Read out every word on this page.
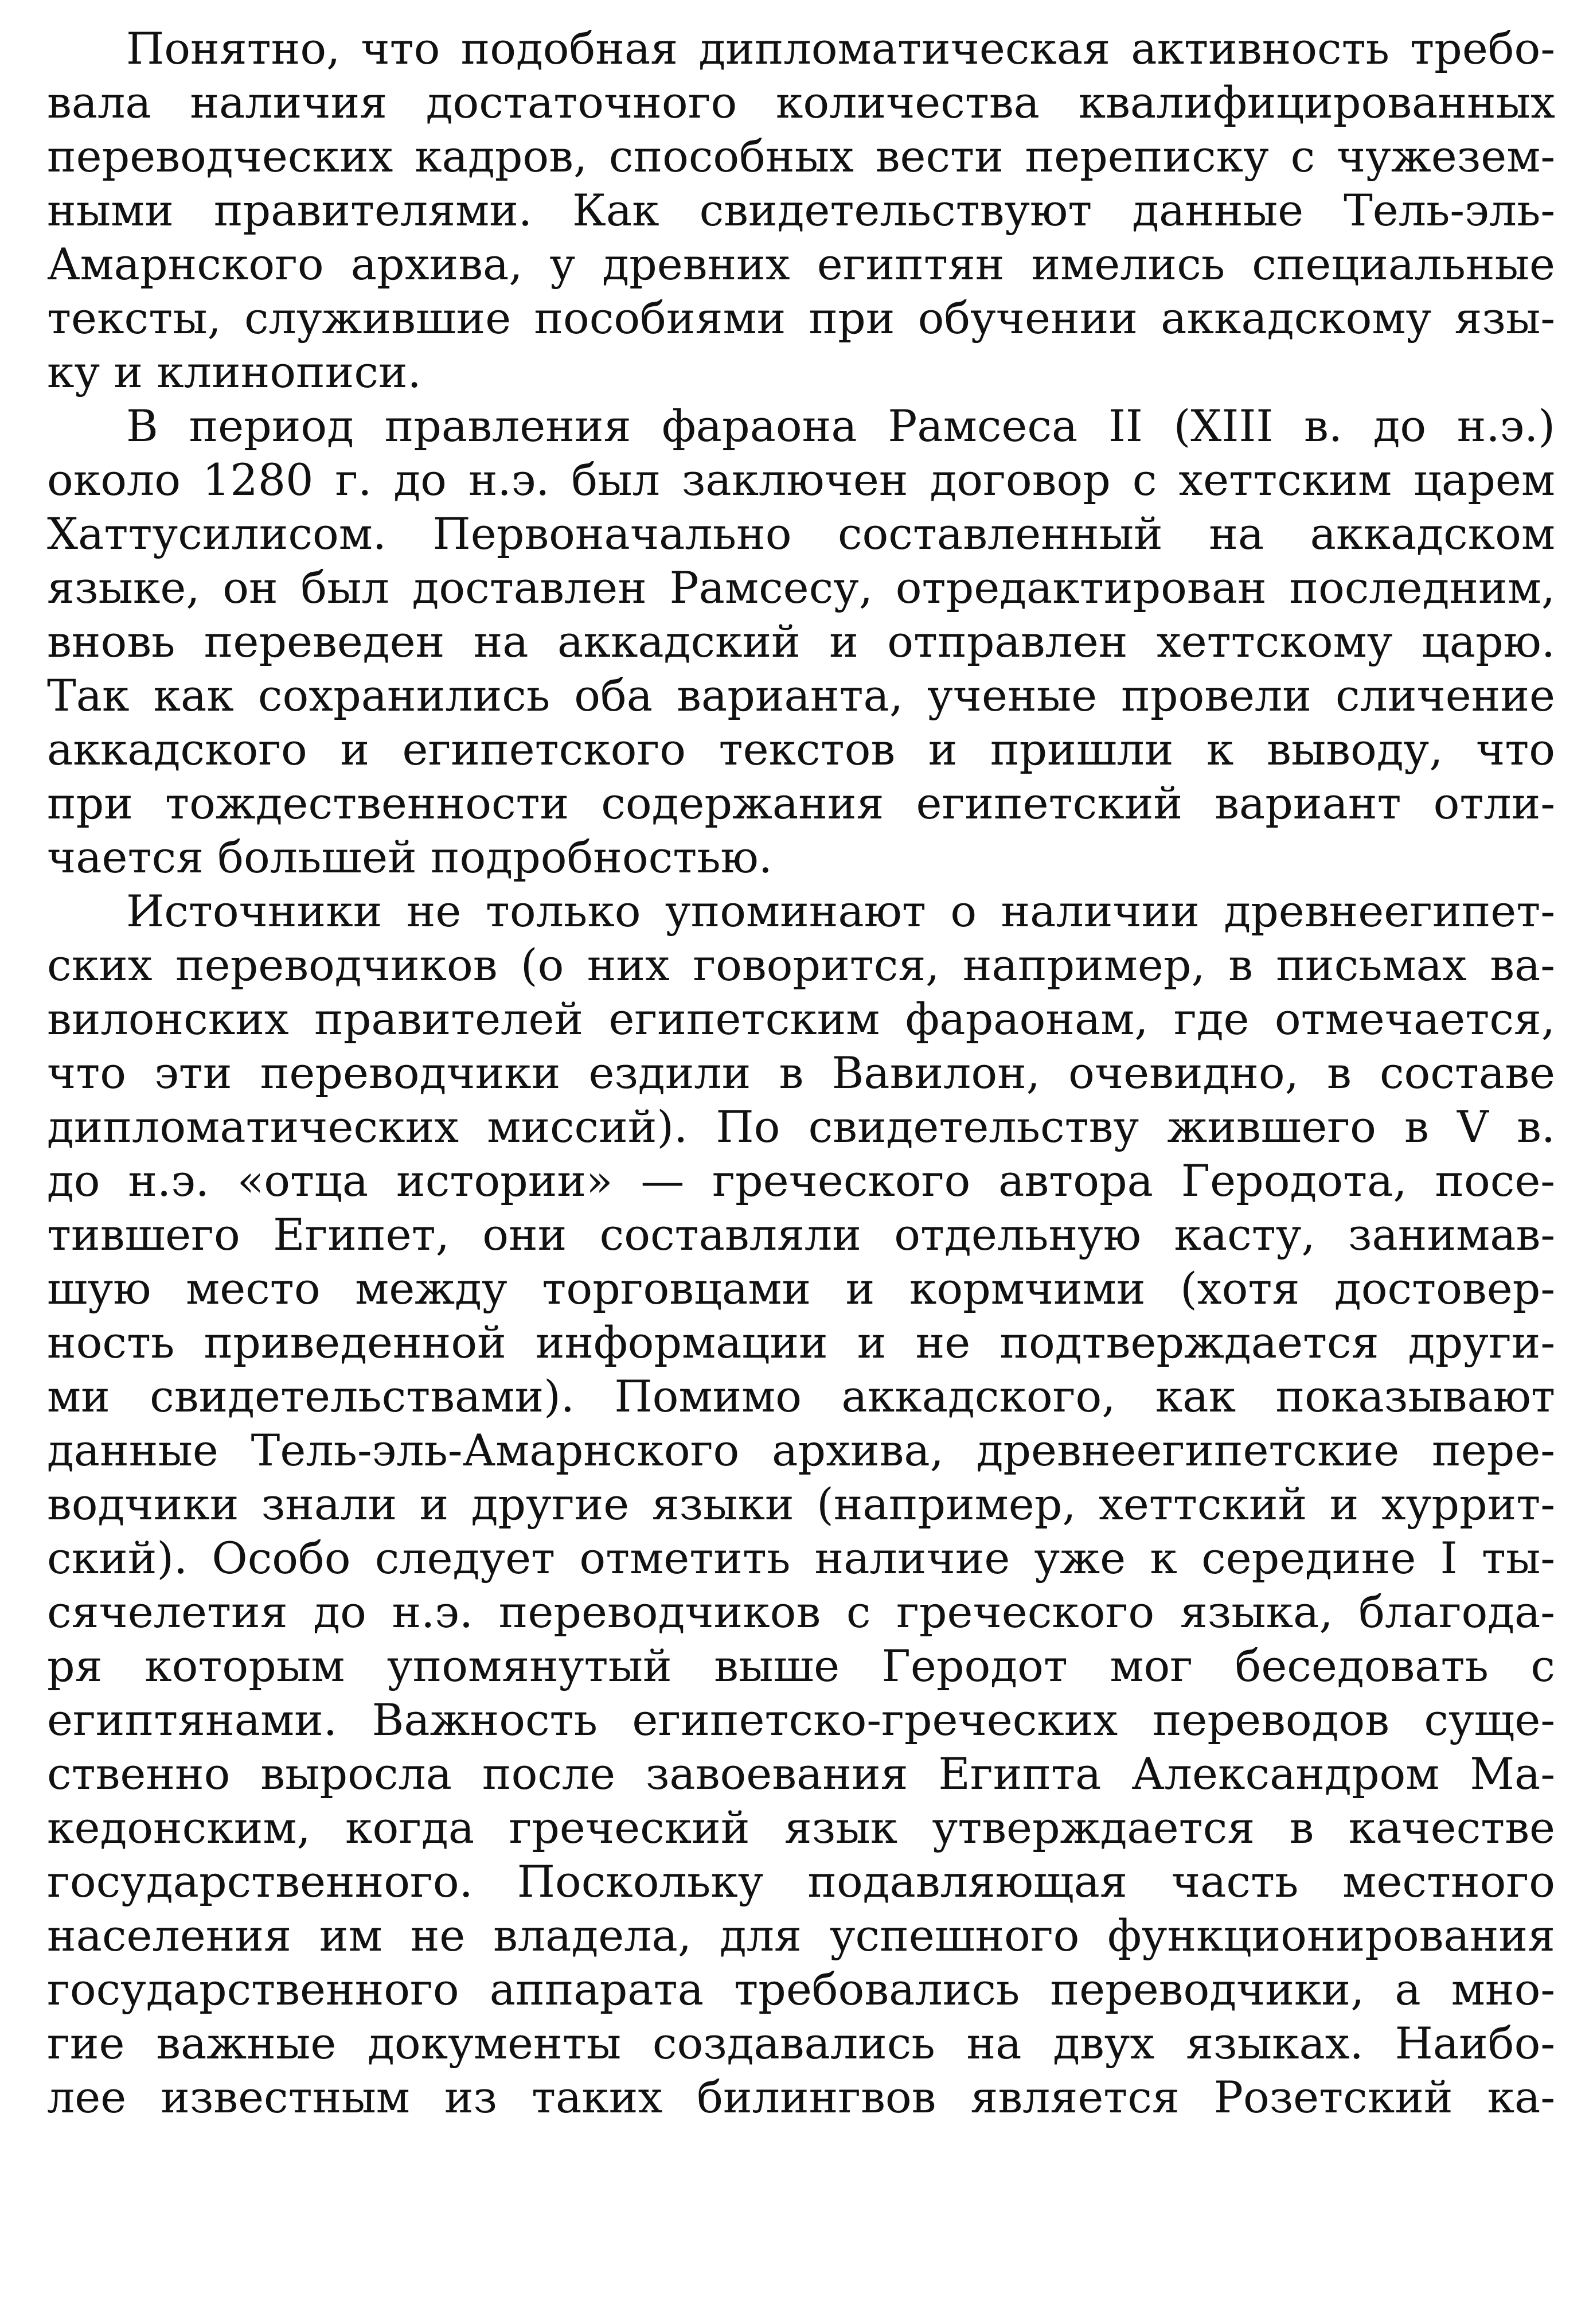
Понятно, что подобная дипломатическая активность требо-
вала наличия достаточного количества квалифицированных
переводческих кадров, способных вести переписку с чужезем-
ными правителями. Как свидетельствуют данные Тель-эль-
Амарнского архива, у древних египтян имелись специальные
тексты, служившие пособиями при обучении аккадскому язы-
ку и клинописи.
В период правления фараона Рамсеса II (XIII в. до н.э.)
около 1280 г. до н.э. был заключен договор с хеттским царем
Хаттусилисом. Первоначально составленный на аккадском
языке, он был доставлен Рамсесу, отредактирован последним,
вновь переведен на аккадский и отправлен хеттскому царю.
Так как сохранились оба варианта, ученые провели сличение
аккадского и египетского текстов и пришли к выводу, что
при тождественности содержания египетский вариант отли-
чается большей подробностью.
Источники не только упоминают о наличии древнеегипет-
ских переводчиков (о них говорится, например, в письмах ва-
вилонских правителей египетским фараонам, где отмечается,
что эти переводчики ездили в Вавилон, очевидно, в составе
дипломатических миссий). По свидетельству жившего в V в.
до н.э. «отца истории» — греческого автора Геродота, посе-
тившего Египет, они составляли отдельную касту, занимав-
шую место между торговцами и кормчими (хотя достовер-
ность приведенной информации и не подтверждается други-
ми свидетельствами). Помимо аккадского, как показывают
данные Тель-эль-Амарнского архива, древнеегипетские пере-
водчики знали и другие языки (например, хеттский и хуррит-
ский). Особо следует отметить наличие уже к середине I ты-
сячелетия до н.э. переводчиков с греческого языка, благода-
ря которым упомянутый выше Геродот мог беседовать с
египтянами. Важность египетско-греческих переводов суще-
ственно выросла после завоевания Египта Александром Ма-
кедонским, когда греческий язык утверждается в качестве
государственного. Поскольку подавляющая часть местного
населения им не владела, для успешного функционирования
государственного аппарата требовались переводчики, а мно-
гие важные документы создавались на двух языках. Наибо-
лее известным из таких билингвов является Розетский ка-
